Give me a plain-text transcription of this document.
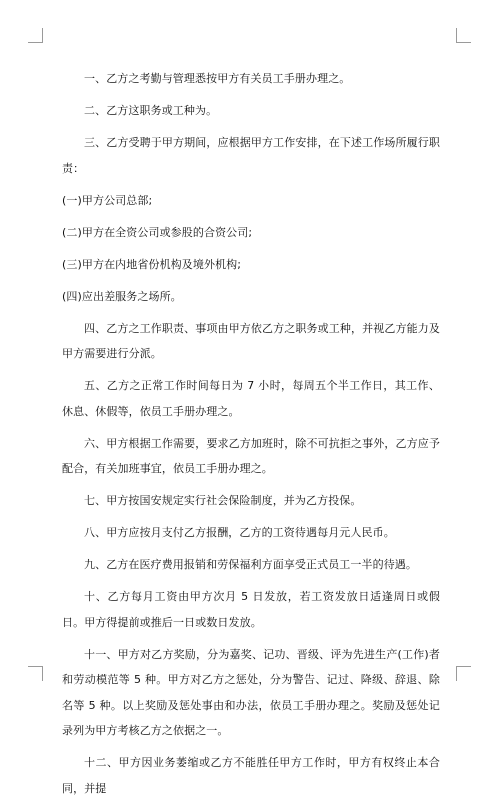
一、乙方之考勤与管理悉按甲方有关员工手册办理之。

二、乙方这职务或工种为。

三、乙方受聘于甲方期间，应根据甲方工作安排，在下述工作场所履行职责：

(一)甲方公司总部;

(二)甲方在全资公司或参股的合资公司;

(三)甲方在内地省份机构及境外机构;

(四)应出差服务之场所。

四、乙方之工作职责、事项由甲方依乙方之职务或工种，并视乙方能力及甲方需要进行分派。

五、乙方之正常工作时间每日为 7 小时，每周五个半工作日，其工作、休息、休假等，依员工手册办理之。

六、甲方根据工作需要，要求乙方加班时，除不可抗拒之事外，乙方应予配合，有关加班事宜，依员工手册办理之。

七、甲方按国安规定实行社会保险制度，并为乙方投保。

八、甲方应按月支付乙方报酬，乙方的工资待遇每月元人民币。

九、乙方在医疗费用报销和劳保福利方面享受正式员工一半的待遇。

十、乙方每月工资由甲方次月 5 日发放，若工资发放日适逢周日或假日。甲方得提前或推后一日或数日发放。

十一、甲方对乙方奖励，分为嘉奖、记功、晋级、评为先进生产(工作)者和劳动模范等 5 种。甲方对乙方之惩处，分为警告、记过、降级、辞退、除名等 5 种。以上奖励及惩处事由和办法，依员工手册办理之。奖励及惩处记录列为甲方考核乙方之依据之一。

十二、甲方因业务萎缩或乙方不能胜任甲方工作时，甲方有权终止本合同，并提
